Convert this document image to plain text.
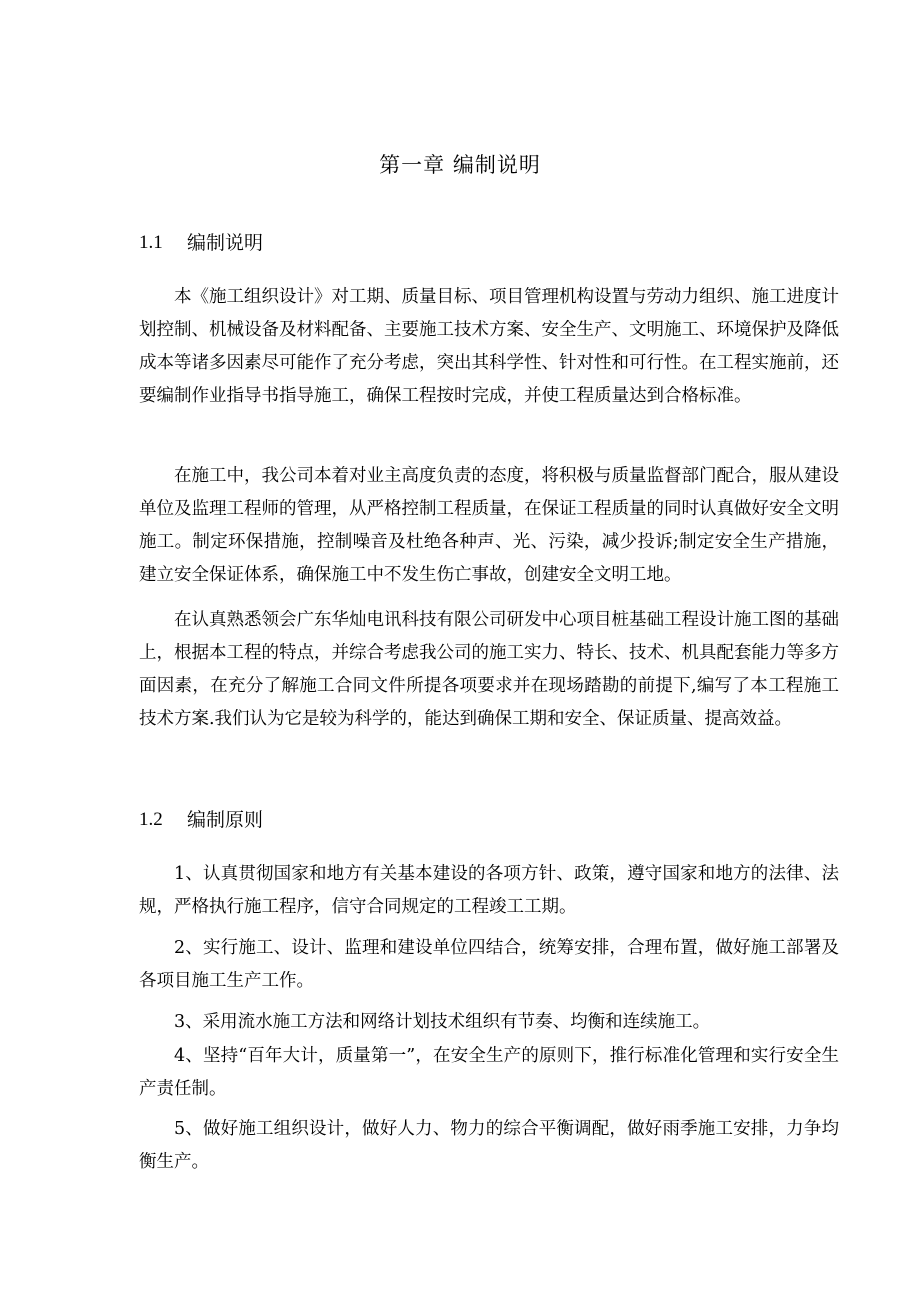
第一章 编制说明
1.1	编制说明

本《施工组织设计》对工期、质量目标、项目管理机构设置与劳动力组织、施工进度计划控制、机械设备及材料配备、主要施工技术方案、安全生产、文明施工、环境保护及降低成本等诸多因素尽可能作了充分考虑，突出其科学性、针对性和可行性。在工程实施前，还要编制作业指导书指导施工，确保工程按时完成，并使工程质量达到合格标准。

在施工中，我公司本着对业主高度负责的态度，将积极与质量监督部门配合，服从建设单位及监理工程师的管理，从严格控制工程质量，在保证工程质量的同时认真做好安全文明施工。制定环保措施，控制噪音及杜绝各种声、光、污染，减少投诉;制定安全生产措施，建立安全保证体系，确保施工中不发生伤亡事故，创建安全文明工地。

在认真熟悉领会广东华灿电讯科技有限公司研发中心项目桩基础工程设计施工图的基础上，根据本工程的特点，并综合考虑我公司的施工实力、特长、技术、机具配套能力等多方面因素，在充分了解施工合同文件所提各项要求并在现场踏勘的前提下,编写了本工程施工技术方案.我们认为它是较为科学的，能达到确保工期和安全、保证质量、提高效益。

1.2	编制原则

1、认真贯彻国家和地方有关基本建设的各项方针、政策，遵守国家和地方的法律、法规，严格执行施工程序，信守合同规定的工程竣工工期。

2、实行施工、设计、监理和建设单位四结合，统筹安排，合理布置，做好施工部署及各项目施工生产工作。

3、采用流水施工方法和网络计划技术组织有节奏、均衡和连续施工。

4、坚持“百年大计，质量第一”，在安全生产的原则下，推行标准化管理和实行安全生产责任制。

5、做好施工组织设计，做好人力、物力的综合平衡调配，做好雨季施工安排，力争均衡生产。
